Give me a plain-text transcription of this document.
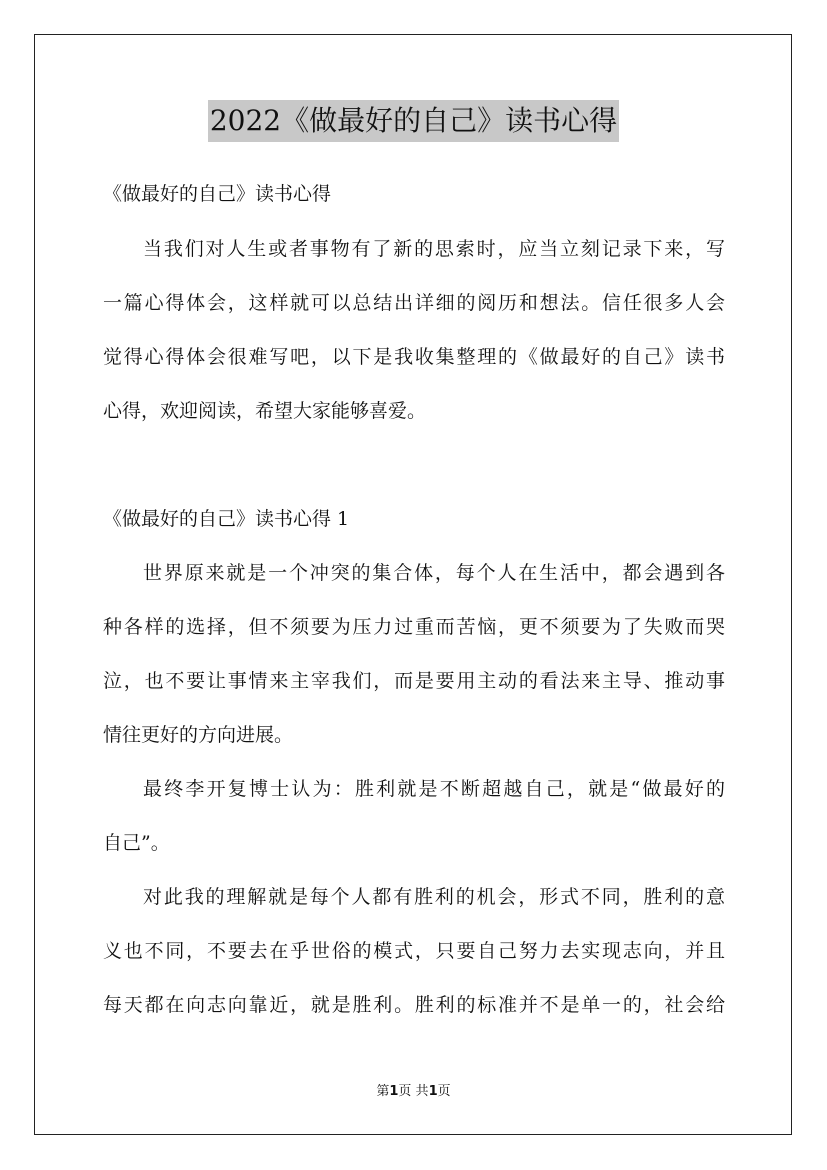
2022《做最好的自己》读书心得
《做最好的自己》读书心得
当我们对人生或者事物有了新的思索时，应当立刻记录下来，写
一篇心得体会，这样就可以总结出详细的阅历和想法。信任很多人会
觉得心得体会很难写吧，以下是我收集整理的《做最好的自己》读书
心得，欢迎阅读，希望大家能够喜爱。
《做最好的自己》读书心得 1
世界原来就是一个冲突的集合体，每个人在生活中，都会遇到各
种各样的选择，但不须要为压力过重而苦恼，更不须要为了失败而哭
泣，也不要让事情来主宰我们，而是要用主动的看法来主导、推动事
情往更好的方向进展。
最终李开复博士认为：胜利就是不断超越自己，就是“做最好的
自己”。
对此我的理解就是每个人都有胜利的机会，形式不同，胜利的意
义也不同，不要去在乎世俗的模式，只要自己努力去实现志向，并且
每天都在向志向靠近，就是胜利。胜利的标准并不是单一的，社会给
第1页 共1页
